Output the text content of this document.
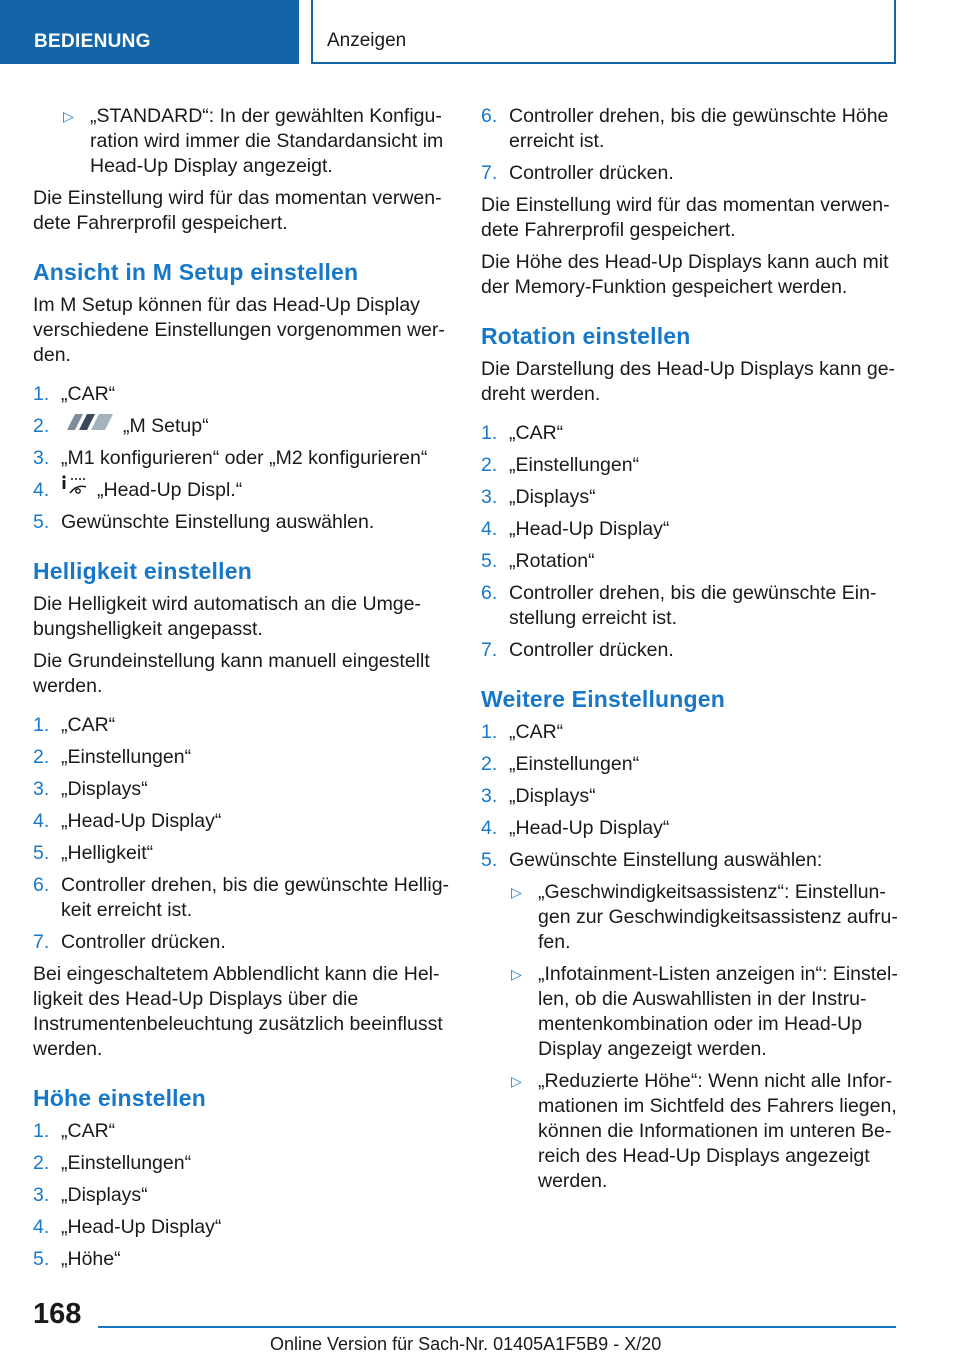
BEDIENUNG	Anzeigen
▷ „STANDARD“: In der gewählten Konfiguration wird immer die Standardansicht im Head-Up Display angezeigt.

Die Einstellung wird für das momentan verwendete Fahrerprofil gespeichert.

Ansicht in M Setup einstellen

Im M Setup können für das Head-Up Display verschiedene Einstellungen vorgenommen werden.

1. „CAR“
2.	„M Setup“
3. „M1 konfigurieren“ oder „M2 konfigurieren“
4. „Head-Up Displ.“
5. Gewünschte Einstellung auswählen.
Helligkeit einstellen

Die Helligkeit wird automatisch an die Umgebungshelligkeit angepasst.

Die Grundeinstellung kann manuell eingestellt werden.

1. „CAR“
2. „Einstellungen“
3. „Displays“
4. „Head-Up Display“
5. „Helligkeit“
6. Controller drehen, bis die gewünschte Helligkeit erreicht ist.
7. Controller drücken.

Bei eingeschaltetem Abblendlicht kann die Helligkeit des Head-Up Displays über die Instrumentenbeleuchtung zusätzlich beeinflusst werden.

Höhe einstellen
1. „CAR“
2. „Einstellungen“
3. „Displays“
4. „Head-Up Display“
5. „Höhe“
6. Controller drehen, bis die gewünschte Höhe erreicht ist.
7. Controller drücken.

Die Einstellung wird für das momentan verwendete Fahrerprofil gespeichert.

Die Höhe des Head-Up Displays kann auch mit der Memory-Funktion gespeichert werden.

Rotation einstellen

Die Darstellung des Head-Up Displays kann gedreht werden.

1. „CAR“
2. „Einstellungen“
3. „Displays“
4. „Head-Up Display“
5. „Rotation“
6. Controller drehen, bis die gewünschte Einstellung erreicht ist.
7. Controller drücken.
Weitere Einstellungen
1. „CAR“
2. „Einstellungen“
3. „Displays“
4. „Head-Up Display“
5. Gewünschte Einstellung auswählen:
▷ „Geschwindigkeitsassistenz“: Einstellungen zur Geschwindigkeitsassistenz aufrufen.
▷ „Infotainment-Listen anzeigen in“: Einstellen, ob die Auswahllisten in der Instrumentenkombination oder im Head-Up Display angezeigt werden.
▷ „Reduzierte Höhe“: Wenn nicht alle Informationen im Sichtfeld des Fahrers liegen, können die Informationen im unteren Bereich des Head-Up Displays angezeigt werden.
168
Online Version für Sach-Nr. 01405A1F5B9 - X/20
